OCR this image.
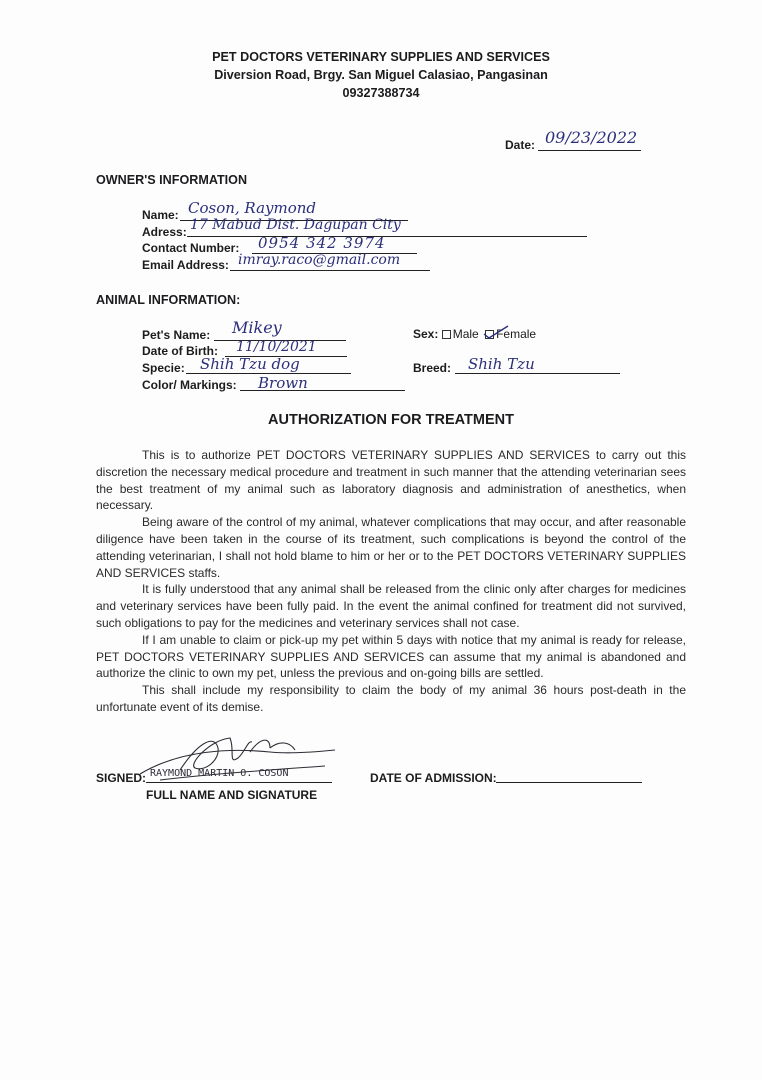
PET DOCTORS VETERINARY SUPPLIES AND SERVICES
Diversion Road, Brgy. San Miguel Calasiao, Pangasinan
09327388734
Date: 09/23/2022
OWNER'S INFORMATION
Name: Coson, Raymond
Adress: 17 Mabud Dist. Dagupan City
Contact Number: 0954 342 3974
Email Address: imray.raco@gmail.com
ANIMAL INFORMATION:
Pet's Name: Mikey
Date of Birth: 11/10/2021
Specie: Shih Tzu dog
Color/ Markings: Brown
Sex: Male Female
Breed: Shih Tzu
AUTHORIZATION FOR TREATMENT

This is to authorize PET DOCTORS VETERINARY SUPPLIES AND SERVICES to carry out this discretion the necessary medical procedure and treatment in such manner that the attending veterinarian sees the best treatment of my animal such as laboratory diagnosis and administration of anesthetics, when necessary.

Being aware of the control of my animal, whatever complications that may occur, and after reasonable diligence have been taken in the course of its treatment, such complications is beyond the control of the attending veterinarian, I shall not hold blame to him or her or to the PET DOCTORS VETERINARY SUPPLIES AND SERVICES staffs.

It is fully understood that any animal shall be released from the clinic only after charges for medicines and veterinary services have been fully paid. In the event the animal confined for treatment did not survived, such obligations to pay for the medicines and veterinary services shall not case.

If I am unable to claim or pick-up my pet within 5 days with notice that my animal is ready for release, PET DOCTORS VETERINARY SUPPLIES AND SERVICES can assume that my animal is abandoned and authorize the clinic to own my pet, unless the previous and on-going bills are settled.

This shall include my responsibility to claim the body of my animal 36 hours post-death in the unfortunate event of its demise.

SIGNED: RAYMOND MARTIN O. COSON
FULL NAME AND SIGNATURE
DATE OF ADMISSION:
